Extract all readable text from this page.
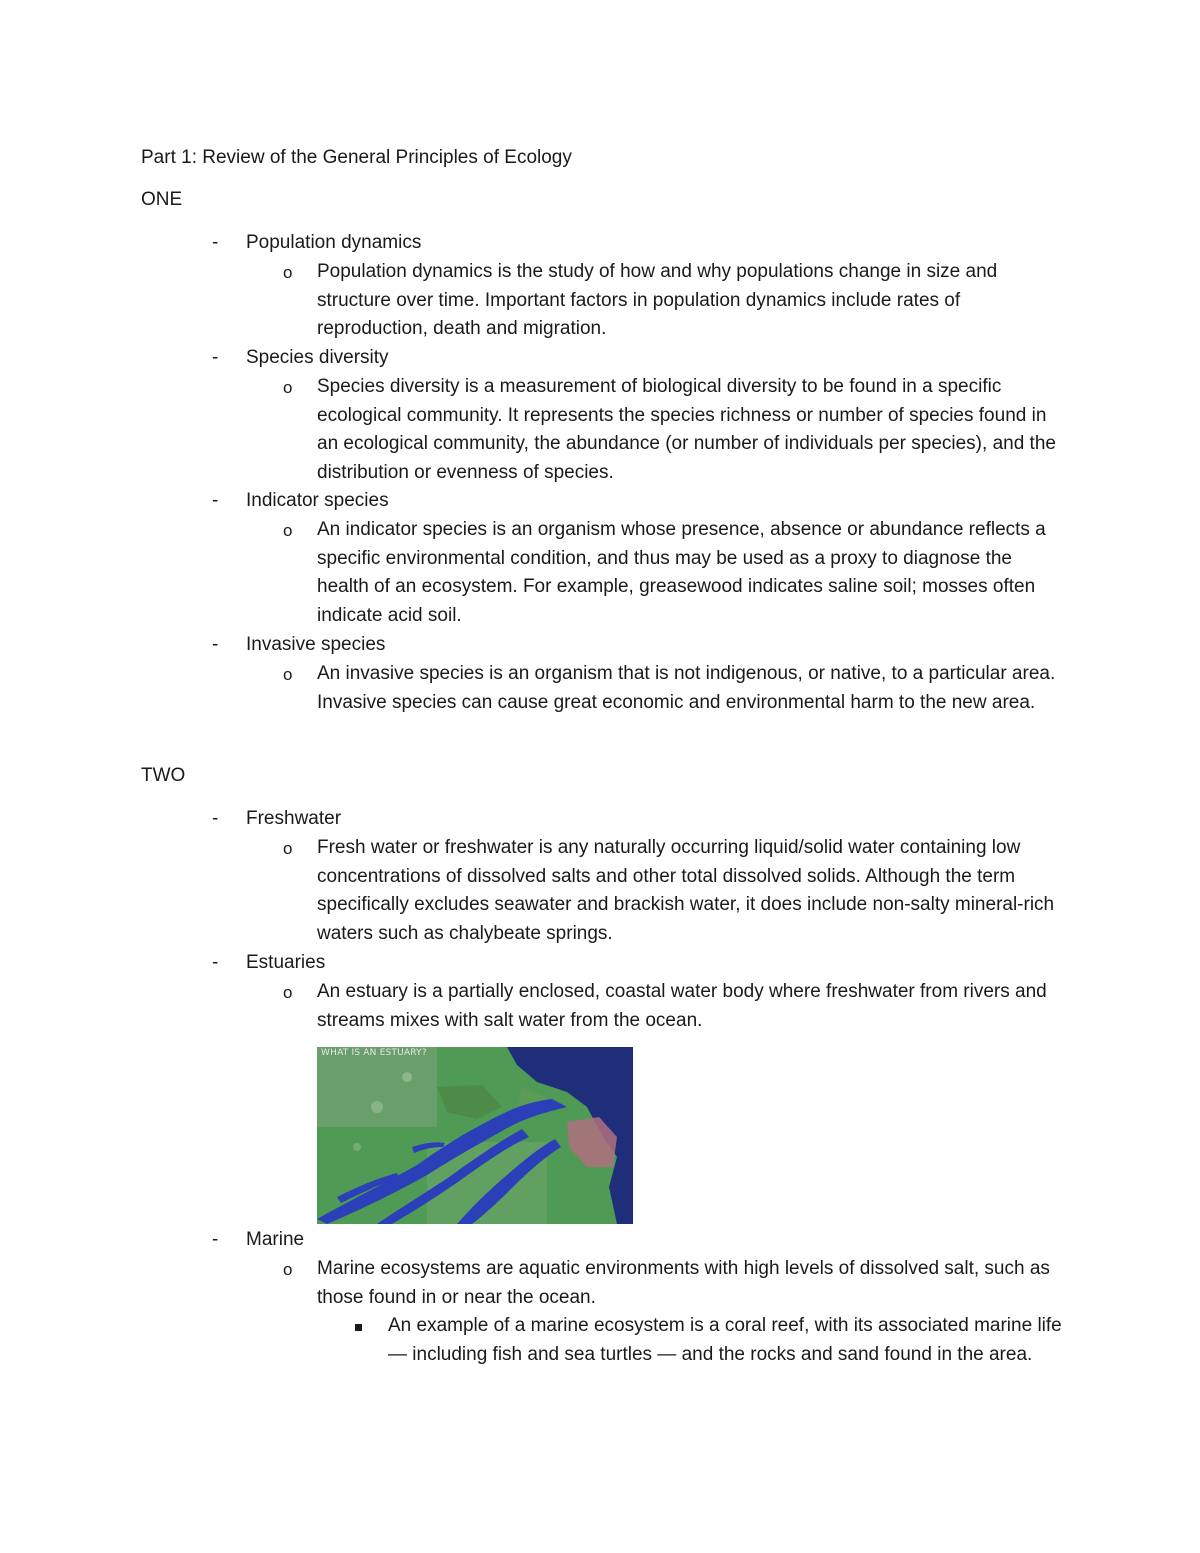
Part 1: Review of the General Principles of Ecology
ONE
- Population dynamics
o Population dynamics is the study of how and why populations change in size and structure over time. Important factors in population dynamics include rates of reproduction, death and migration.
- Species diversity
o Species diversity is a measurement of biological diversity to be found in a specific ecological community. It represents the species richness or number of species found in an ecological community, the abundance (or number of individuals per species), and the distribution or evenness of species.
- Indicator species
o An indicator species is an organism whose presence, absence or abundance reflects a specific environmental condition, and thus may be used as a proxy to diagnose the health of an ecosystem. For example, greasewood indicates saline soil; mosses often indicate acid soil.
- Invasive species
o An invasive species is an organism that is not indigenous, or native, to a particular area. Invasive species can cause great economic and environmental harm to the new area.
TWO
- Freshwater
o Fresh water or freshwater is any naturally occurring liquid/solid water containing low concentrations of dissolved salts and other total dissolved solids. Although the term specifically excludes seawater and brackish water, it does include non-salty mineral-rich waters such as chalybeate springs.
- Estuaries
o An estuary is a partially enclosed, coastal water body where freshwater from rivers and streams mixes with salt water from the ocean.
WHAT IS AN ESTUARY?
- Marine
o Marine ecosystems are aquatic environments with high levels of dissolved salt, such as those found in or near the ocean.
An example of a marine ecosystem is a coral reef, with its associated marine life — including fish and sea turtles — and the rocks and sand found in the area.
